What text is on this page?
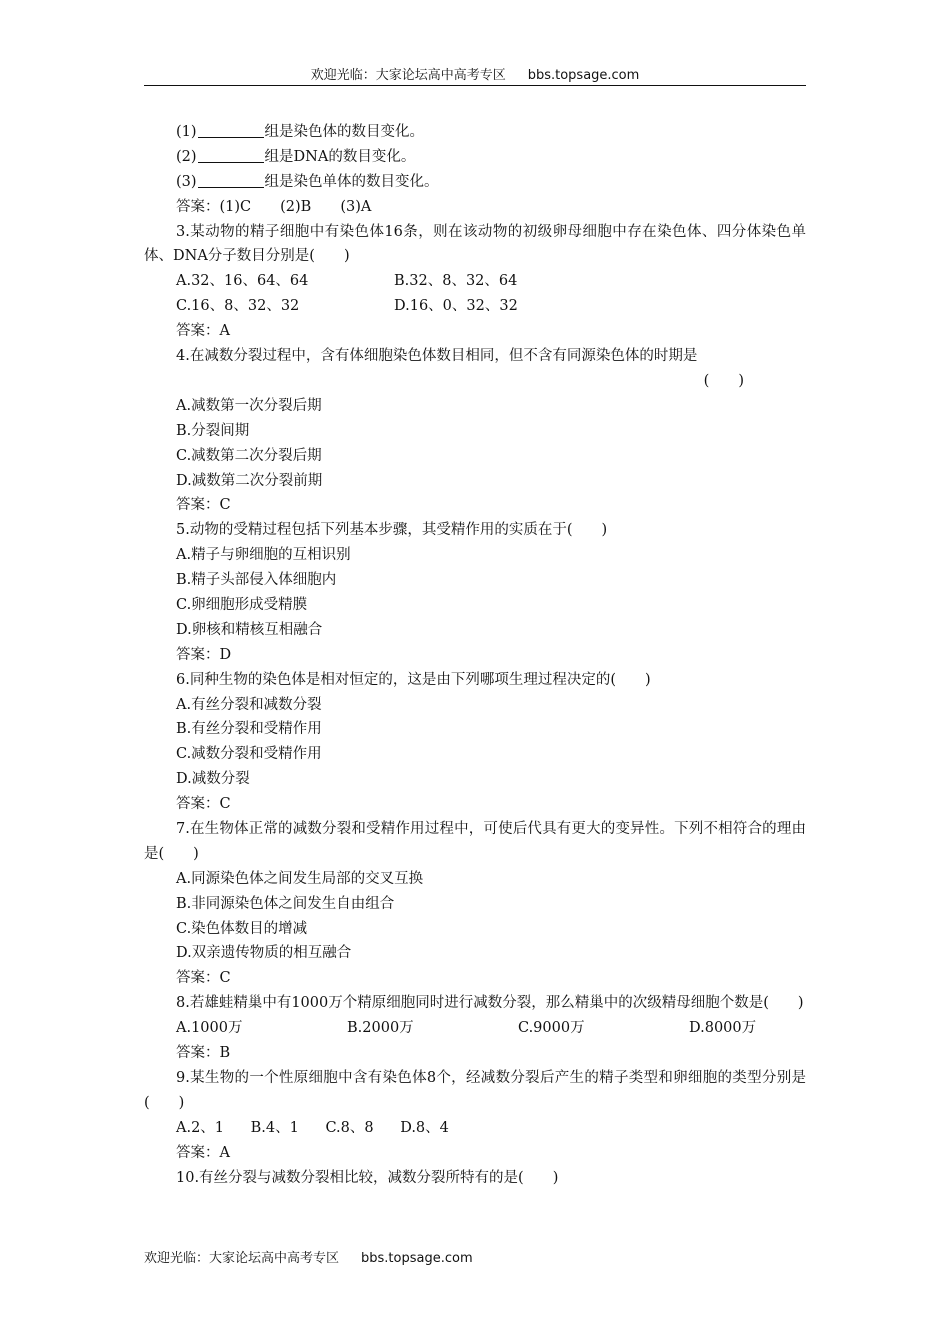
欢迎光临：大家论坛高中高考专区 bbs.topsage.com
(1)	组是染色体的数目变化。
(2)	组是DNA的数目变化。
(3)	组是染色单体的数目变化。
答案：(1)C　　(2)B　　(3)A
3.某动物的精子细胞中有染色体16条，则在该动物的初级卵母细胞中存在染色体、四分体染色单体、DNA分子数目分别是(　　)
A.32、16、64、64	B.32、8、32、64
C.16、8、32、32	D.16、0、32、32
答案：A
4.在减数分裂过程中，含有体细胞染色体数目相同，但不含有同源染色体的时期是
(　　)
A.减数第一次分裂后期
B.分裂间期
C.减数第二次分裂后期
D.减数第二次分裂前期
答案：C
5.动物的受精过程包括下列基本步骤，其受精作用的实质在于(　　)
A.精子与卵细胞的互相识别
B.精子头部侵入体细胞内
C.卵细胞形成受精膜
D.卵核和精核互相融合
答案：D
6.同种生物的染色体是相对恒定的，这是由下列哪项生理过程决定的(　　)
A.有丝分裂和减数分裂
B.有丝分裂和受精作用
C.减数分裂和受精作用
D.减数分裂
答案：C
7.在生物体正常的减数分裂和受精作用过程中，可使后代具有更大的变异性。下列不相符合的理由是(　　)
A.同源染色体之间发生局部的交叉互换
B.非同源染色体之间发生自由组合
C.染色体数目的增减
D.双亲遗传物质的相互融合
答案：C
8.若雄蛙精巢中有1000万个精原细胞同时进行减数分裂，那么精巢中的次级精母细胞个数是(　　)
A.1000万	B.2000万	C.9000万	D.8000万
答案：B
9.某生物的一个性原细胞中含有染色体8个，经减数分裂后产生的精子类型和卵细胞的类型分别是(　　)
A.2、1 B.4、1 C.8、8 D.8、4
答案：A
10.有丝分裂与减数分裂相比较，减数分裂所特有的是(　　)
欢迎光临：大家论坛高中高考专区 bbs.topsage.com
